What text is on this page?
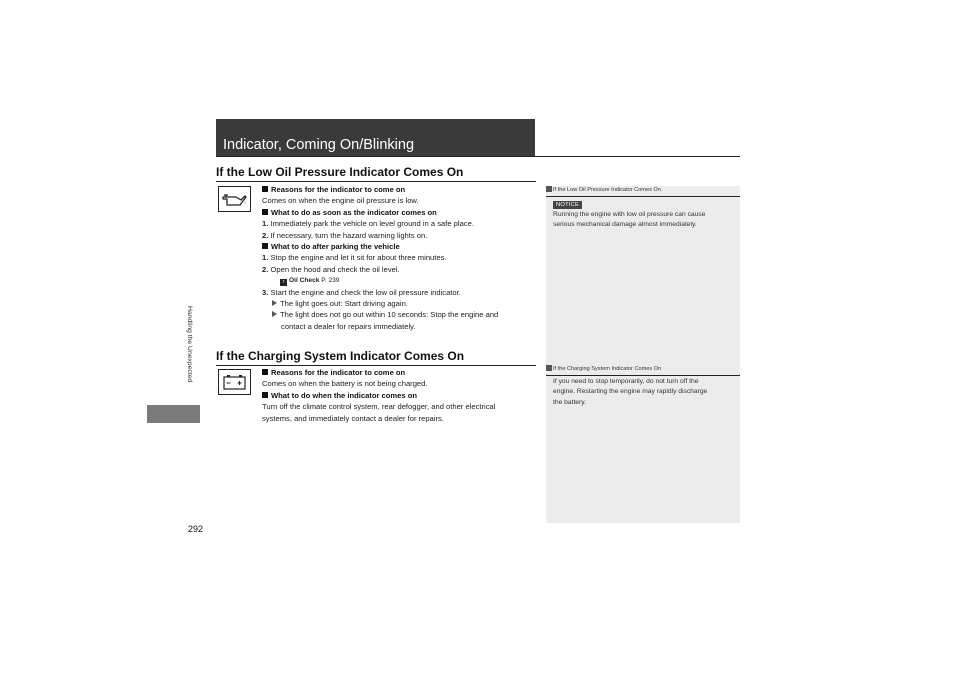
Indicator, Coming On/Blinking
Handling the Unexpected
292
If the Low Oil Pressure Indicator Comes On
Reasons for the indicator to come on
Comes on when the engine oil pressure is low.
What to do as soon as the indicator comes on
1. Immediately park the vehicle on level ground in a safe place.
2. If necessary, turn the hazard warning lights on.
What to do after parking the vehicle
1. Stop the engine and let it sit for about three minutes.
2. Open the hood and check the oil level.
› Oil Check P. 239
3. Start the engine and check the low oil pressure indicator.
The light goes out: Start driving again.
The light does not go out within 10 seconds: Stop the engine and
contact a dealer for repairs immediately.
If the Charging System Indicator Comes On
Reasons for the indicator to come on
Comes on when the battery is not being charged.
What to do when the indicator comes on
Turn off the climate control system, rear defogger, and other electrical
systems, and immediately contact a dealer for repairs.
If the Low Oil Pressure Indicator Comes On
NOTICE
Running the engine with low oil pressure can cause
serious mechanical damage almost immediately.
If the Charging System Indicator Comes On
If you need to stop temporarily, do not turn off the
engine. Restarting the engine may rapidly discharge
the battery.
